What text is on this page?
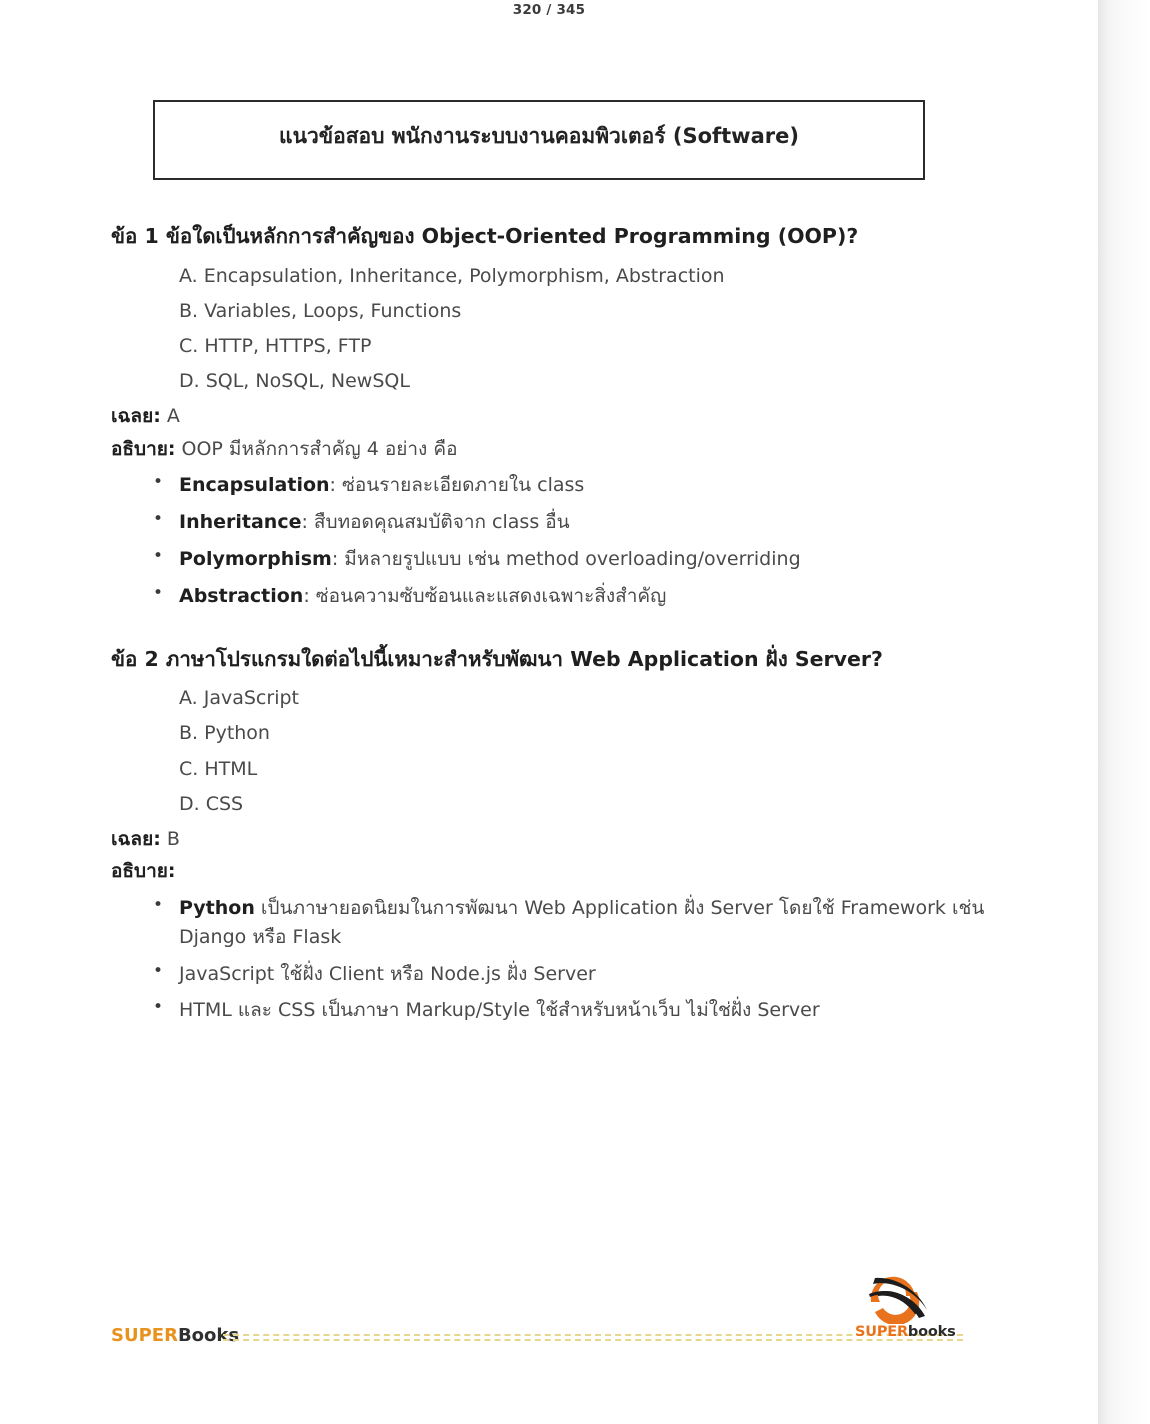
320 / 345
แนวข้อสอบ พนักงานระบบงานคอมพิวเตอร์ (Software)

ข้อ 1 ข้อใดเป็นหลักการสำคัญของ Object-Oriented Programming (OOP)?

A. Encapsulation, Inheritance, Polymorphism, Abstraction

B. Variables, Loops, Functions

C. HTTP, HTTPS, FTP

D. SQL, NoSQL, NewSQL

เฉลย: A

อธิบาย: OOP มีหลักการสำคัญ 4 อย่าง คือ

• Encapsulation: ซ่อนรายละเอียดภายใน class
• Inheritance: สืบทอดคุณสมบัติจาก class อื่น
• Polymorphism: มีหลายรูปแบบ เช่น method overloading/overriding
• Abstraction: ซ่อนความซับซ้อนและแสดงเฉพาะสิ่งสำคัญ

ข้อ 2 ภาษาโปรแกรมใดต่อไปนี้เหมาะสำหรับพัฒนา Web Application ฝั่ง Server?

A. JavaScript

B. Python

C. HTML

D. CSS

เฉลย: B

อธิบาย:

• Python เป็นภาษายอดนิยมในการพัฒนา Web Application ฝั่ง Server โดยใช้ Framework เช่น Django หรือ Flask
• JavaScript ใช้ฝั่ง Client หรือ Node.js ฝั่ง Server
• HTML และ CSS เป็นภาษา Markup/Style ใช้สำหรับหน้าเว็บ ไม่ใช่ฝั่ง Server
SUPERBooks	SUPERbooks
